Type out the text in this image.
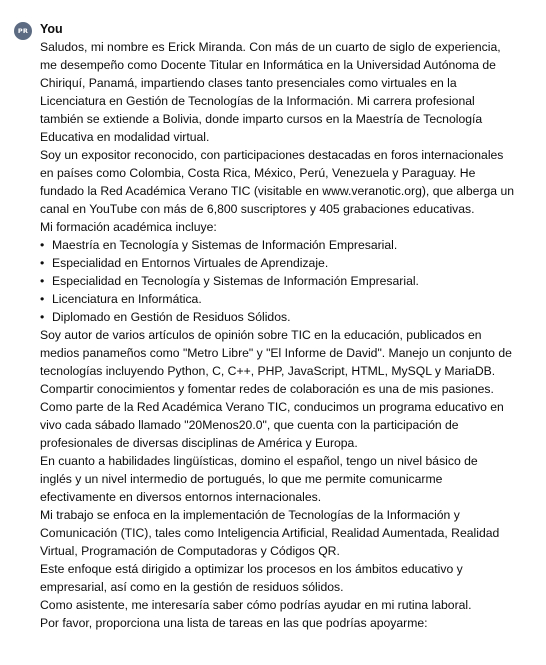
PR You
Saludos, mi nombre es Erick Miranda. Con más de un cuarto de siglo de experiencia,
me desempeño como Docente Titular en Informática en la Universidad Autónoma de
Chiriquí, Panamá, impartiendo clases tanto presenciales como virtuales en la
Licenciatura en Gestión de Tecnologías de la Información. Mi carrera profesional
también se extiende a Bolivia, donde imparto cursos en la Maestría de Tecnología
Educativa en modalidad virtual.
Soy un expositor reconocido, con participaciones destacadas en foros internacionales
en países como Colombia, Costa Rica, México, Perú, Venezuela y Paraguay. He
fundado la Red Académica Verano TIC (visitable en www.veranotic.org), que alberga un
canal en YouTube con más de 6,800 suscriptores y 405 grabaciones educativas.
Mi formación académica incluye:
• Maestría en Tecnología y Sistemas de Información Empresarial.
• Especialidad en Entornos Virtuales de Aprendizaje.
• Especialidad en Tecnología y Sistemas de Información Empresarial.
• Licenciatura en Informática.
• Diplomado en Gestión de Residuos Sólidos.
Soy autor de varios artículos de opinión sobre TIC en la educación, publicados en
medios panameños como "Metro Libre" y "El Informe de David". Manejo un conjunto de
tecnologías incluyendo Python, C, C++, PHP, JavaScript, HTML, MySQL y MariaDB.
Compartir conocimientos y fomentar redes de colaboración es una de mis pasiones.
Como parte de la Red Académica Verano TIC, conducimos un programa educativo en
vivo cada sábado llamado "20Menos20.0", que cuenta con la participación de
profesionales de diversas disciplinas de América y Europa.
En cuanto a habilidades lingüísticas, domino el español, tengo un nivel básico de
inglés y un nivel intermedio de portugués, lo que me permite comunicarme
efectivamente en diversos entornos internacionales.
Mi trabajo se enfoca en la implementación de Tecnologías de la Información y
Comunicación (TIC), tales como Inteligencia Artificial, Realidad Aumentada, Realidad
Virtual, Programación de Computadoras y Códigos QR.
Este enfoque está dirigido a optimizar los procesos en los ámbitos educativo y
empresarial, así como en la gestión de residuos sólidos.
Como asistente, me interesaría saber cómo podrías ayudar en mi rutina laboral.
Por favor, proporciona una lista de tareas en las que podrías apoyarme:
